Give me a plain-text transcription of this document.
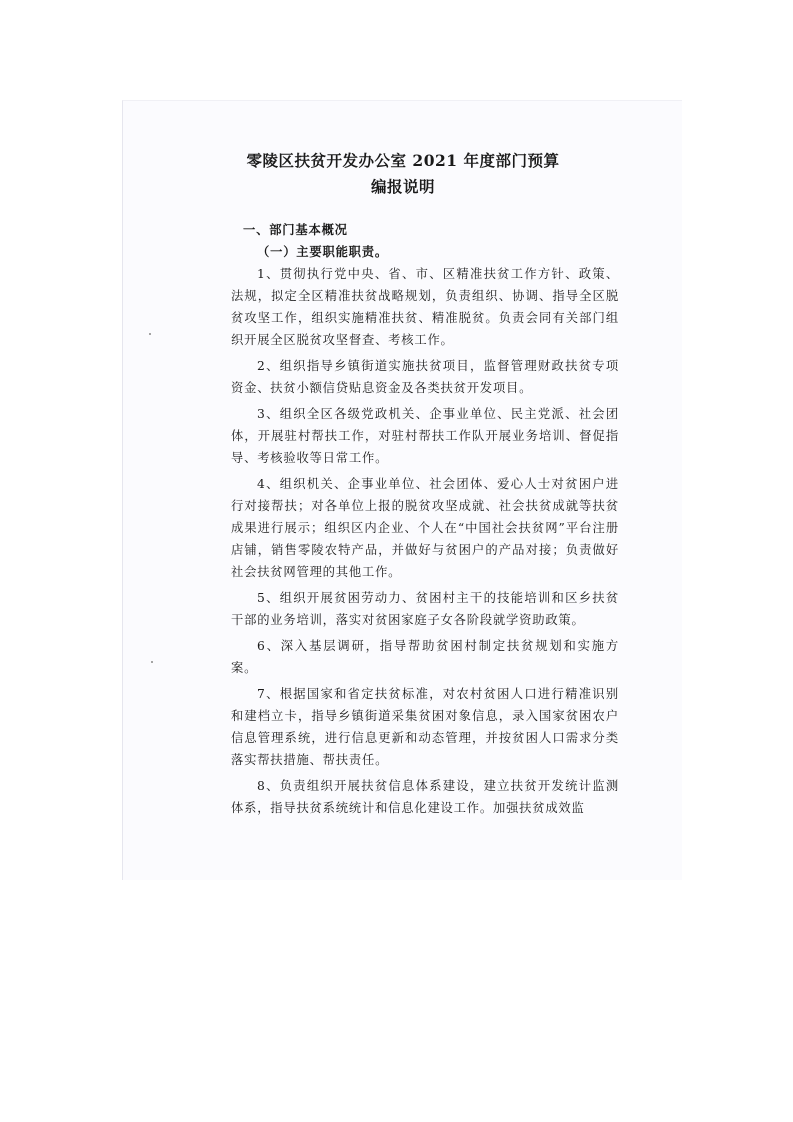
零陵区扶贫开发办公室 2021 年度部门预算
编报说明

一、部门基本概况

（一）主要职能职责。

1、贯彻执行党中央、省、市、区精准扶贫工作方针、政策、法规，拟定全区精准扶贫战略规划，负责组织、协调、指导全区脱贫攻坚工作，组织实施精准扶贫、精准脱贫。负责会同有关部门组织开展全区脱贫攻坚督查、考核工作。

2、组织指导乡镇街道实施扶贫项目，监督管理财政扶贫专项资金、扶贫小额信贷贴息资金及各类扶贫开发项目。

3、组织全区各级党政机关、企事业单位、民主党派、社会团体，开展驻村帮扶工作，对驻村帮扶工作队开展业务培训、督促指导、考核验收等日常工作。

4、组织机关、企事业单位、社会团体、爱心人士对贫困户进行对接帮扶；对各单位上报的脱贫攻坚成就、社会扶贫成就等扶贫成果进行展示；组织区内企业、个人在“中国社会扶贫网”平台注册店铺，销售零陵农特产品，并做好与贫困户的产品对接；负责做好社会扶贫网管理的其他工作。

5、组织开展贫困劳动力、贫困村主干的技能培训和区乡扶贫干部的业务培训，落实对贫困家庭子女各阶段就学资助政策。

6、深入基层调研，指导帮助贫困村制定扶贫规划和实施方案。

7、根据国家和省定扶贫标准，对农村贫困人口进行精准识别和建档立卡，指导乡镇街道采集贫困对象信息，录入国家贫困农户信息管理系统，进行信息更新和动态管理，并按贫困人口需求分类落实帮扶措施、帮扶责任。

8、负责组织开展扶贫信息体系建设，建立扶贫开发统计监测体系，指导扶贫系统统计和信息化建设工作。加强扶贫成效监
